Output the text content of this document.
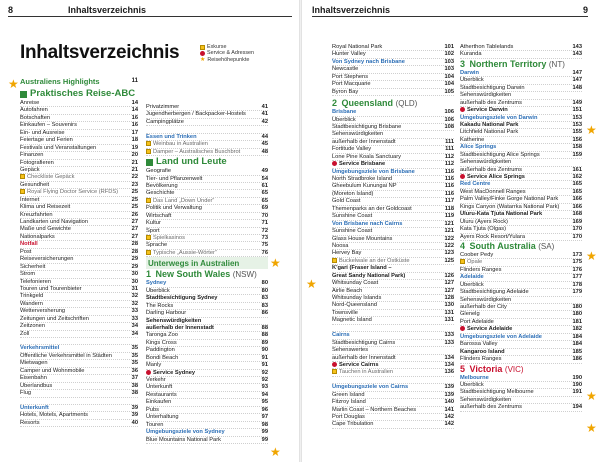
8	Inhaltsverzeichnis
Inhaltsverzeichnis	Exkurse
Service & Adressen
★ Reisehöhepunkte
★ Australiens Highlights	11
Praktisches Reise-ABC
Anreise	14
Autofahren	14
Botschaften	16
Einkaufen – Souvenirs	16
Ein- und Ausreise	17
Feiertage und Ferien	18
Festivals und Veranstaltungen	19
Finanzen	20
Fotografieren	21
Gepäck	21
Checkliste Gepäck	22
Gesundheit	23
Royal Flying Doctor Service (RFDS)	25
Internet	25
Klima und Reisezeit	25
Kreuzfahrten	26
Landkarten und Navigation	27
Maße und Gewichte	27
Nationalparks	27
Notfall	28
Post	28
Reiseversicherungen	29
Sicherheit	29
Strom	30
Telefonieren	30
Touren und Tourenbieter	31
Trinkgeld	32
Wandern	32
Wetterversherung	33
Zeitungen und Zeitschriften	33
Zeitzonen	34
Zoll	34
Verkehrsmittel	35
Öffentliche Verkehrsmittel in Städten	35
Mietwagen	35
Camper und Wohnmobile	36
Eisenbahn	37
Überlandbus	38
Flug	38
Unterkunft	39
Hotels, Motels, Apartments	39
Resorts	40
Privatzimmer	41
Jugendherbergen / Backpacker-Hostels	41
Campingplätze	42
Essen und Trinken	44
Weinbau in Australien	45
Damper – Australisches Buschbrot	48
Land und Leute
Geografie	49
Tier- und Pflanzenwelt	54
Bevölkerung	61
Geschichte	65
Das Land „Down Under“	65
Politik und Verwaltung	69
Wirtschaft	70
Kultur	71
Sport	72
Spielkasinos	73
Sprache	75
Typische „Aussie-Wörter“	76
Unterwegs in Australien
1 New South Wales (NSW)
Sydney	80
Überblick	80
Stadtbesichtigung Sydney	83
The Rocks	83
Darling Harbour	86
Sehenswürdigkeiten
außerhalb der Innenstadt	88
Taronga Zoo	88
Kings Cross	89
Paddington	90
Bondi Beach	91
Manly	91
Service Sydney	92
Verkehr	92
Unterkunft	93
Restaurants	94
Einkaufen	95
Pubs	96
Unterhaltung	97
Touren	98
Umgebungsziele von Sydney	99
Blue Mountains National Park	99
★
★
Inhaltsverzeichnis	9
Royal National Park	101
Hunter Valley	102
Von Sydney nach Brisbane	103
Newcastle	103
Port Stephens	104
Port Macquarie	104
Byron Bay	105
2 Queensland (QLD)
Brisbane	106
Überblick	106
Stadtbesichtigung Brisbane	108
Sehenswürdigkeiten
außerhalb der Innenstadt	111
Fortitude Valley	111
Lone Pine Koala Sanctuary	112
Service Brisbane	112
Umgebungsziele von Brisbane	116
North Stradbroke Island	116
Gheebulum Kunungai NP	116
(Moreton Island)	116
Gold Coast	117
Themenparks an der Goldcoast	118
Sunshine Coast	119
Von Brisbane nach Cairns	121
Sunshine Coast	121
Glass House Mountains	122
Noosa	122
Hervey Bay	123
Buckelwale an der Ostküste	125
K'gari (Fraser Island –
Great Sandy National Park)	126
Whitsunday Coast	127
Airlie Beach	127
Whitsunday Islands	128
Nord-Queensland	130
Townsville	131
Magnetic Island	131
Cairns	133
Stadtbesichtigung Cairns	133
Sehenswertes
außerhalb der Innenstadt	134
Service Cairns	134
Tauchen in Australien	136
Umgebungsziele von Cairns	139
Green Island	139
Fitzroy Island	140
Marlin Coast – Northern Beaches	141
Port Douglas	142
Cape Tribulation	142
★
Atherthon Tablelands	143
Kuranda	143
3 Northern Territory (NT)
Darwin	147
Überblick	147
Stadtbesichtigung Darwin	148
Sehenswürdigkeiten
außerhalb des Zentrums	149
Service Darwin	151
Umgebungsziele von Darwin	153
Kakadu National Park	153
Litchfield National Park	155
Katherine	156
Alice Springs	158
Stadtbesichtigung Alice Springs	159
Sehenswürdigkeiten
außerhalb des Zentrums	161
Service Alice Springs	162
Red Centre	165
West MacDonnell Ranges	165
Palm Valley/Finke Gorge National Park	166
Kings Canyon (Watarrka National Park)	166
Uluru-Kata Tjuta National Park	168
Uluru (Ayers Rock)	169
Kata Tjuta (Olgas)	170
Ayers Rock Resort/Yulara	170
4 South Australia (SA)
Coober Pedy	173
Opale	175
Flinders Ranges	176
Adelaide	177
Überblick	178
Stadtbesichtigung Adelaide	179
Sehenswürdigkeiten
außerhalb der City	180
Glenelg	180
Port Adelaide	181
Service Adelaide	182
Umgebungsziele von Adelaide	184
Barossa Valley	184
Kangaroo Island	185
Flinders Ranges	186
5 Victoria (VIC)
Melbourne	190
Überblick	190
Stadtbesichtigung Melbourne	191
Sehenswürdigkeiten
außerhalb des Zentrums	194
★
★
★
★
